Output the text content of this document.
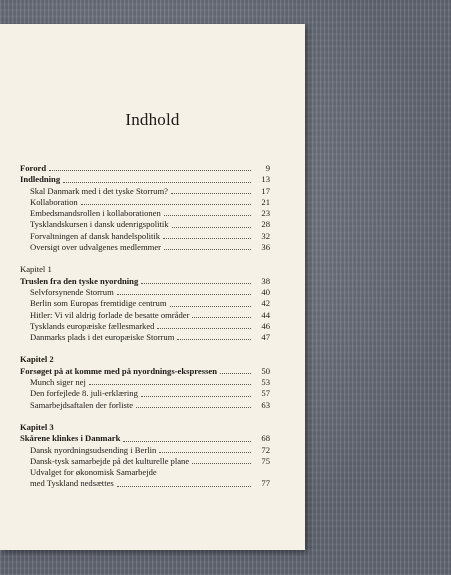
Indhold
Forord	9
Indledning	13
Skal Danmark med i det tyske Storrum?	17
Kollaboration	21
Embedsmandsrollen i kollaborationen	23
Tysklandskursen i dansk udenrigspolitik	28
Forvaltningen af dansk handelspolitik	32
Oversigt over udvalgenes medlemmer	36
Kapitel 1
Truslen fra den tyske nyordning	38
Selvforsynende Storrum	40
Berlin som Europas fremtidige centrum	42
Hitler: Vi vil aldrig forlade de besatte områder	44
Tysklands europæiske fællesmarked	46
Danmarks plads i det europæiske Storrum	47
Kapitel 2
Forsøget på at komme med på nyordnings-ekspressen	50
Munch siger nej	53
Den forfejlede 8. juli-erklæring	57
Samarbejdsaftalen der forliste	63
Kapitel 3
Skårene klinkes i Danmark	68
Dansk nyordningsudsending i Berlin	72
Dansk-tysk samarbejde på det kulturelle plane	75
Udvalget for økonomisk Samarbejde
med Tyskland nedsættes	77
